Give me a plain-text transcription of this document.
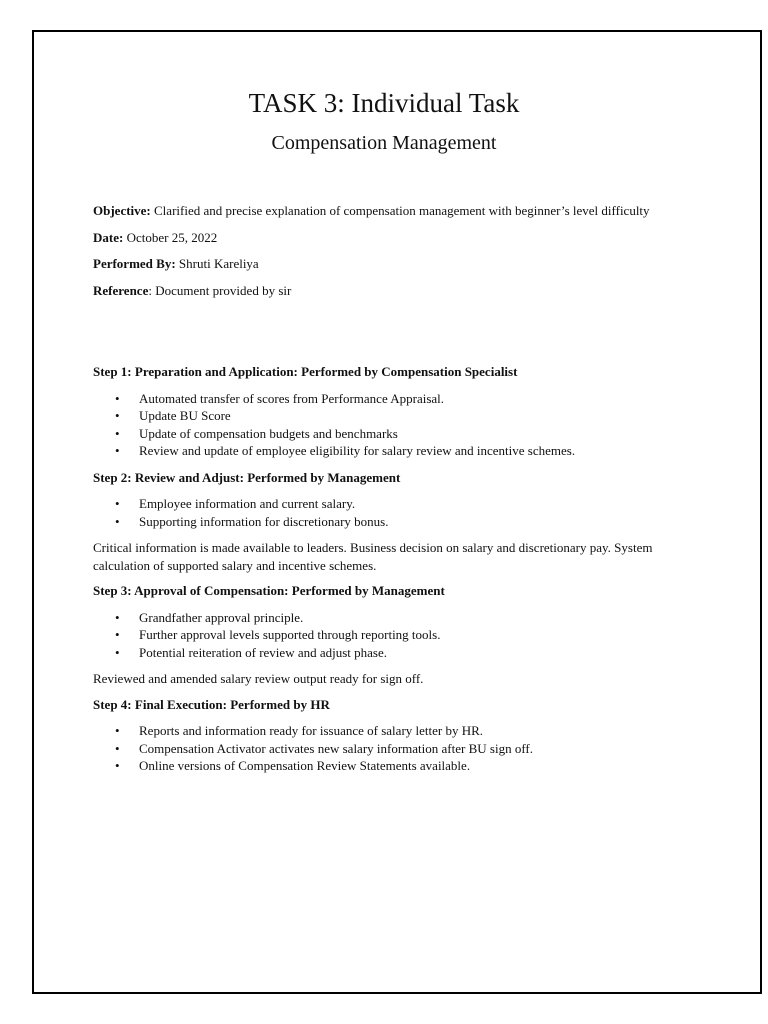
TASK 3: Individual Task
Compensation Management

Objective: Clarified and precise explanation of compensation management with beginner’s level difficulty

Date: October 25, 2022

Performed By: Shruti Kareliya

Reference: Document provided by sir

Step 1: Preparation and Application: Performed by Compensation Specialist
• Automated transfer of scores from Performance Appraisal.
• Update BU Score
• Update of compensation budgets and benchmarks
• Review and update of employee eligibility for salary review and incentive schemes.
Step 2: Review and Adjust: Performed by Management
• Employee information and current salary.
• Supporting information for discretionary bonus.

Critical information is made available to leaders. Business decision on salary and discretionary pay. System calculation of supported salary and incentive schemes.

Step 3: Approval of Compensation: Performed by Management
• Grandfather approval principle.
• Further approval levels supported through reporting tools.
• Potential reiteration of review and adjust phase.

Reviewed and amended salary review output ready for sign off.

Step 4: Final Execution: Performed by HR
• Reports and information ready for issuance of salary letter by HR.
• Compensation Activator activates new salary information after BU sign off.
• Online versions of Compensation Review Statements available.
